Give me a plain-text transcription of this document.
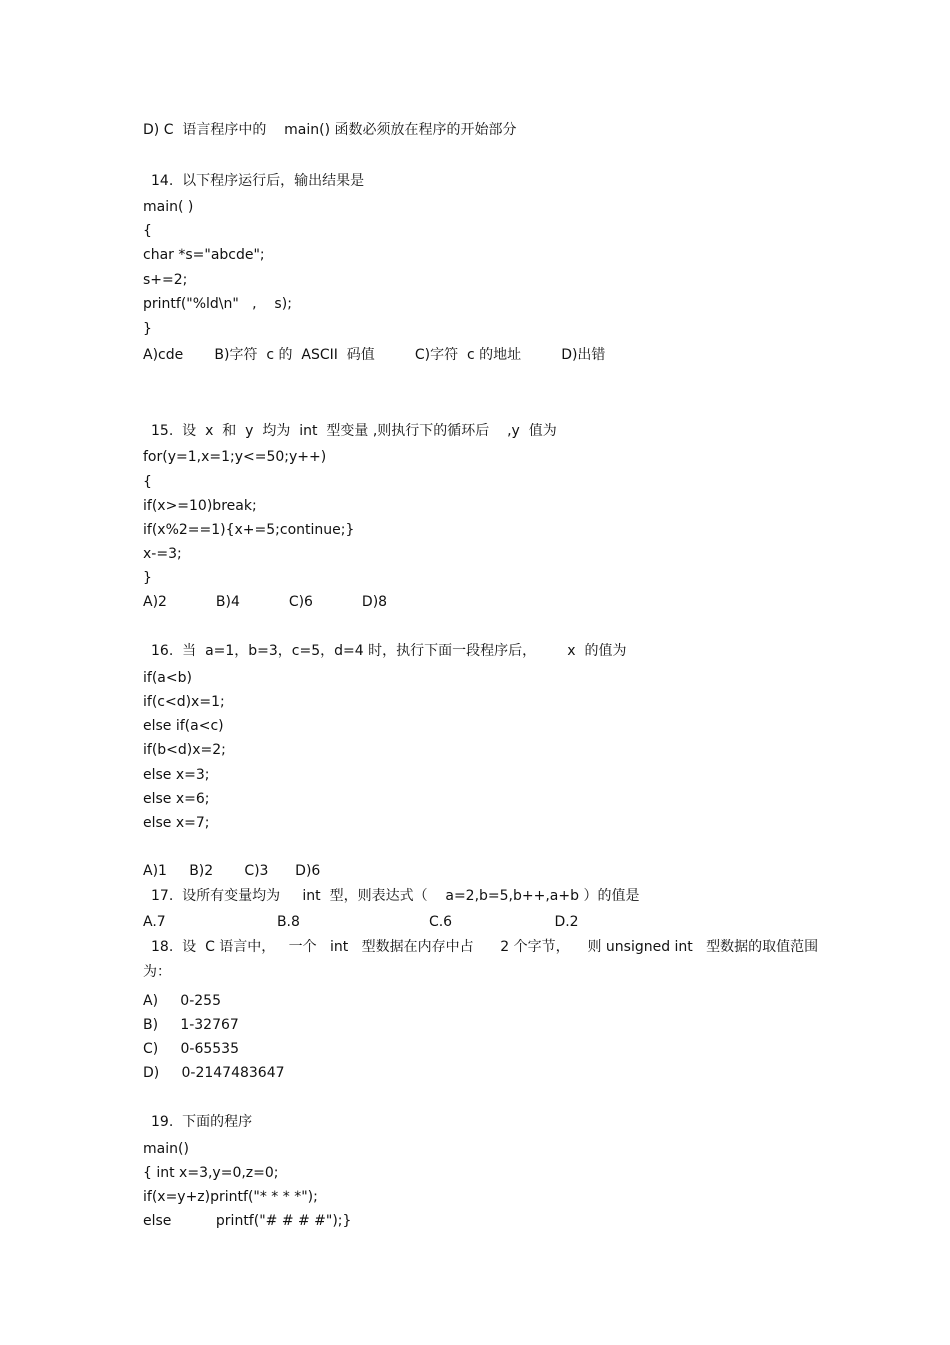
D) C  语言程序中的    main() 函数必须放在程序的开始部分
14.  以下程序运行后，输出结果是
main( )
{
char *s="abcde";
s+=2;
printf("%ld\n"   ,    s);
}
A)cde       B)字符  c 的  ASCII  码值         C)字符  c 的地址         D)出错
15.  设  x  和  y  均为  int  型变量 ,则执行下的循环后    ,y  值为
for(y=1,x=1;y<=50;y++)
{
if(x>=10)break;
if(x%2==1){x+=5;continue;}
x-=3;
}
A)2           B)4           C)6           D)8
16.  当  a=1，b=3，c=5，d=4 时，执行下面一段程序后，       x  的值为
if(a<b)
if(c<d)x=1;
else if(a<c)
if(b<d)x=2;
else x=3;
else x=6;
else x=7;
A)1     B)2       C)3      D)6
17.  设所有变量均为     int  型，则表达式（    a=2,b=5,b++,a+b ）的值是
A.7                         B.8                             C.6                       D.2
18.  设  C 语言中，   一个   int   型数据在内存中占      2 个字节，    则 unsigned int   型数据的取值范围
为：
A)     0-255
B)     1-32767
C)     0-65535
D)     0-2147483647
19.  下面的程序
main()
{ int x=3,y=0,z=0;
if(x=y+z)printf("* * * *");
else          printf("# # # #");}
